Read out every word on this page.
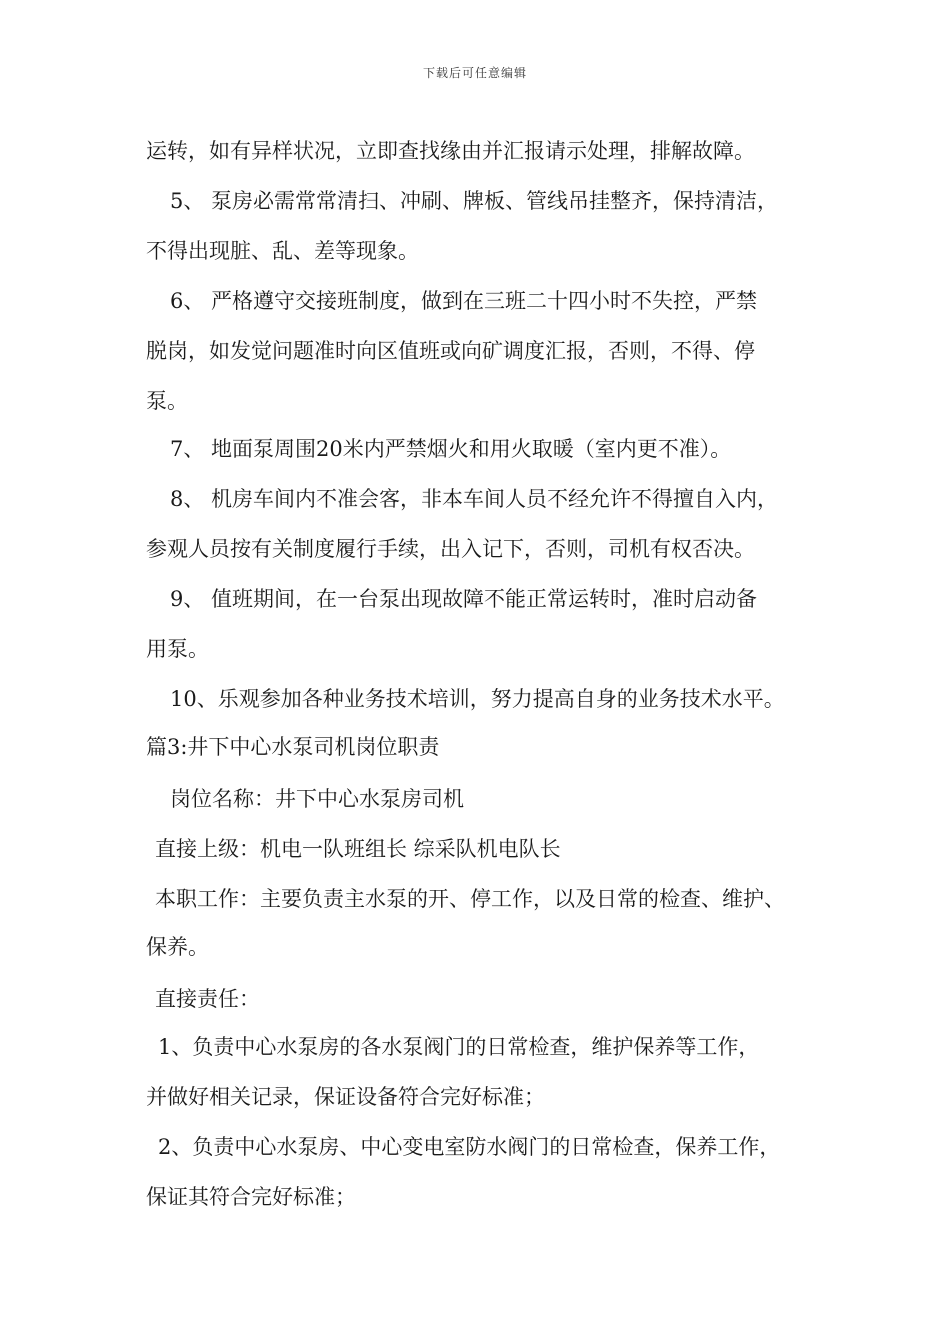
下载后可任意编辑
运转，如有异样状况，立即查找缘由并汇报请示处理，排解故障。
5、 泵房必需常常清扫、冲刷、牌板、管线吊挂整齐，保持清洁，
不得出现脏、乱、差等现象。
6、 严格遵守交接班制度，做到在三班二十四小时不失控，严禁
脱岗，如发觉问题准时向区值班或向矿调度汇报，否则，不得、停
泵。
7、 地面泵周围20米内严禁烟火和用火取暖（室内更不准）。
8、 机房车间内不准会客，非本车间人员不经允许不得擅自入内，
参观人员按有关制度履行手续，出入记下，否则，司机有权否决。
9、 值班期间，在一台泵出现故障不能正常运转时，准时启动备
用泵。
10、乐观参加各种业务技术培训，努力提高自身的业务技术水平。
篇3:井下中心水泵司机岗位职责
岗位名称：井下中心水泵房司机
直接上级：机电一队班组长 综采队机电队长
本职工作：主要负责主水泵的开、停工作，以及日常的检查、维护、
保养。
直接责任：
1、负责中心水泵房的各水泵阀门的日常检查，维护保养等工作，
并做好相关记录，保证设备符合完好标准；
2、负责中心水泵房、中心变电室防水阀门的日常检查，保养工作，
保证其符合完好标准；
